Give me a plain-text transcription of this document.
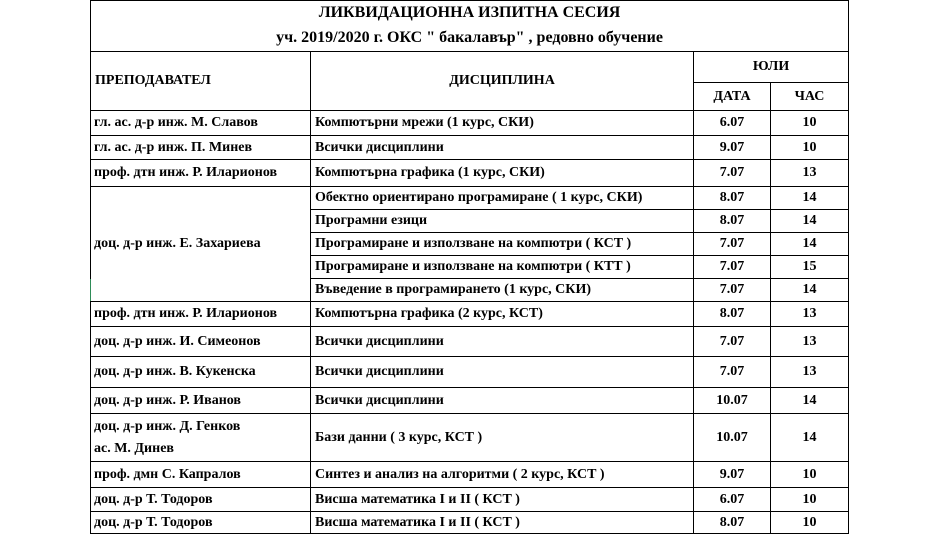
ЛИКВИДАЦИОННА ИЗПИТНА СЕСИЯ			
уч. 2019/2020 г. ОКС " бакалавър" , редовно обучение			
ПРЕПОДАВАТЕЛ	ДИСЦИПЛИНА	ЮЛИ	
		ДАТА	ЧАС
гл. ас. д-р инж. М. Славов	Компютърни мрежи (1 курс, СКИ)	6.07	10
гл. ас. д-р инж. П. Минев	Всички дисциплини	9.07	10
проф. дтн инж. Р. Иларионов	Компютърна графика (1 курс, СКИ)	7.07	13
доц. д-р инж. Е. Захариева	Обектно ориентирано програмиране ( 1 курс, СКИ)	8.07	14
	Програмни езици	8.07	14
	Програмиране и използване на компютри ( КСТ )	7.07	14
	Програмиране и използване на компютри ( КТТ )	7.07	15
	Въведение в програмирането (1 курс, СКИ)	7.07	14
проф. дтн инж. Р. Иларионов	Компютърна графика (2 курс, КСТ)	8.07	13
доц. д-р инж. И. Симеонов	Всички дисциплини	7.07	13
доц. д-р инж. В. Кукенска	Всички дисциплини	7.07	13
доц. д-р инж. Р. Иванов	Всички дисциплини	10.07	14

доц. д-р инж. Д. Генков
ас. М. Динев	Бази данни ( 3 курс, КСТ )	10.07	14
проф. дмн С. Капралов	Синтез и анализ на алгоритми ( 2 курс, КСТ )	9.07	10
доц. д-р Т. Тодоров	Висша математика I и II ( КСТ )	6.07	10
доц. д-р Т. Тодоров	Висша математика I и II ( КСТ )	8.07	10
